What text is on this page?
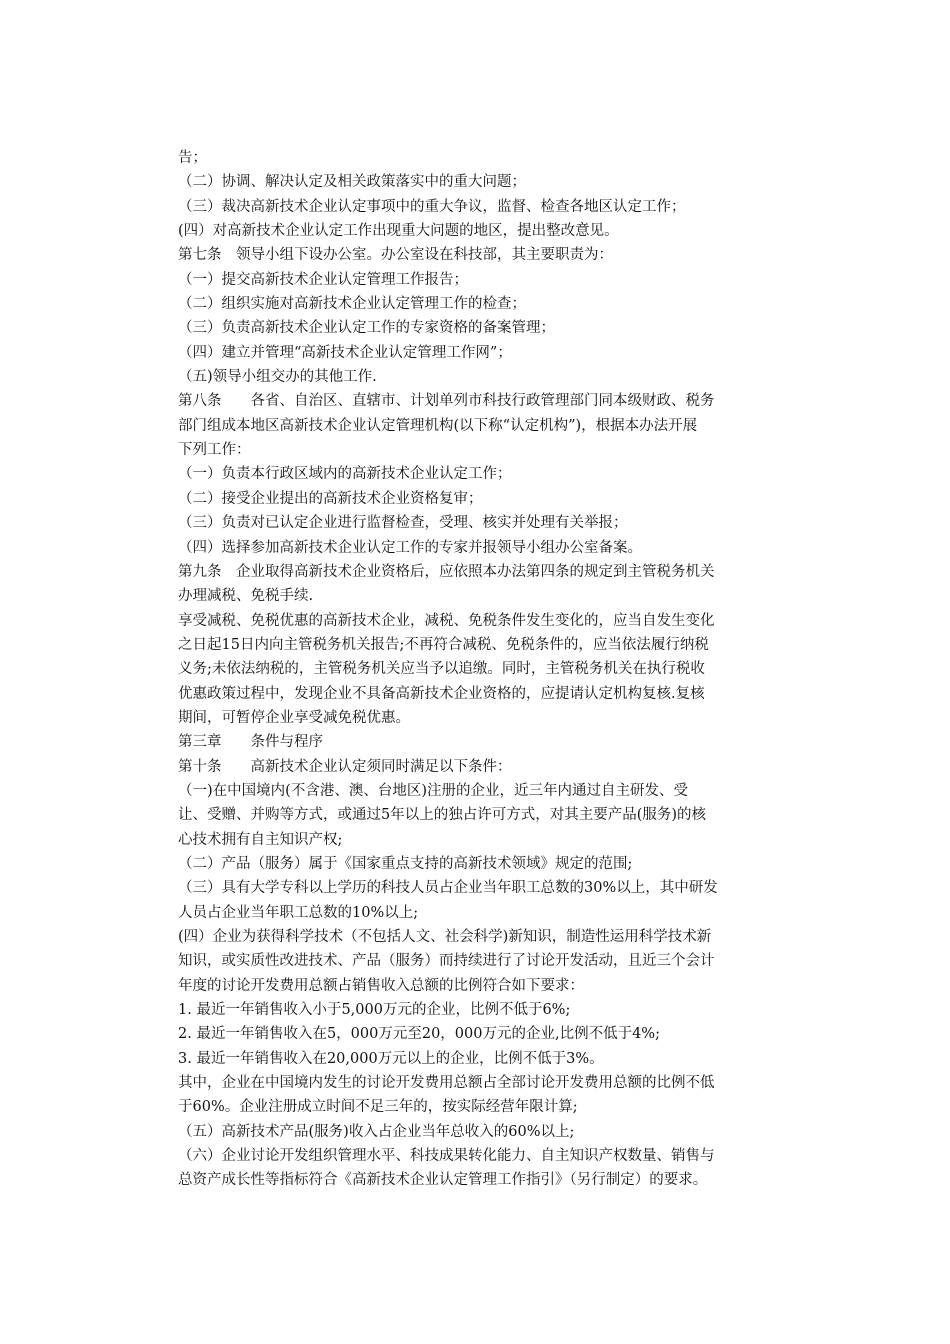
告；
（二）协调、解决认定及相关政策落实中的重大问题；
（三）裁决高新技术企业认定事项中的重大争议，监督、检查各地区认定工作；
(四）对高新技术企业认定工作出现重大问题的地区，提出整改意见。
第七条　领导小组下设办公室。办公室设在科技部，其主要职责为：
（一）提交高新技术企业认定管理工作报告；
（二）组织实施对高新技术企业认定管理工作的检查；
（三）负责高新技术企业认定工作的专家资格的备案管理；
（四）建立并管理“高新技术企业认定管理工作网”；
（五)领导小组交办的其他工作.
第八条　　各省、自治区、直辖市、计划单列市科技行政管理部门同本级财政、税务
部门组成本地区高新技术企业认定管理机构(以下称“认定机构”)，根据本办法开展
下列工作：
（一）负责本行政区域内的高新技术企业认定工作；
（二）接受企业提出的高新技术企业资格复审；
（三）负责对已认定企业进行监督检查，受理、核实并处理有关举报；
（四）选择参加高新技术企业认定工作的专家并报领导小组办公室备案。
第九条　企业取得高新技术企业资格后，应依照本办法第四条的规定到主管税务机关
办理减税、免税手续.
享受减税、免税优惠的高新技术企业，减税、免税条件发生变化的，应当自发生变化
之日起15日内向主管税务机关报告;不再符合减税、免税条件的，应当依法履行纳税
义务;未依法纳税的，主管税务机关应当予以追缴。同时，主管税务机关在执行税收
优惠政策过程中，发现企业不具备高新技术企业资格的，应提请认定机构复核.复核
期间，可暂停企业享受减免税优惠。
第三章　　条件与程序
第十条　　高新技术企业认定须同时满足以下条件：
（一)在中国境内(不含港、澳、台地区)注册的企业，近三年内通过自主研发、受
让、受赠、并购等方式，或通过5年以上的独占许可方式，对其主要产品(服务)的核
心技术拥有自主知识产权;
（二）产品（服务）属于《国家重点支持的高新技术领域》规定的范围;
（三）具有大学专科以上学历的科技人员占企业当年职工总数的30%以上，其中研发
人员占企业当年职工总数的10%以上;
(四）企业为获得科学技术（不包括人文、社会科学)新知识，制造性运用科学技术新
知识，或实质性改进技术、产品（服务）而持续进行了讨论开发活动，且近三个会计
年度的讨论开发费用总额占销售收入总额的比例符合如下要求：
1. 最近一年销售收入小于5,000万元的企业，比例不低于6%;
2. 最近一年销售收入在5，000万元至20，000万元的企业,比例不低于4%;
3. 最近一年销售收入在20,000万元以上的企业，比例不低于3%。
其中，企业在中国境内发生的讨论开发费用总额占全部讨论开发费用总额的比例不低
于60%。企业注册成立时间不足三年的，按实际经营年限计算;
（五）高新技术产品(服务)收入占企业当年总收入的60%以上;
（六）企业讨论开发组织管理水平、科技成果转化能力、自主知识产权数量、销售与
总资产成长性等指标符合《高新技术企业认定管理工作指引》（另行制定）的要求。
